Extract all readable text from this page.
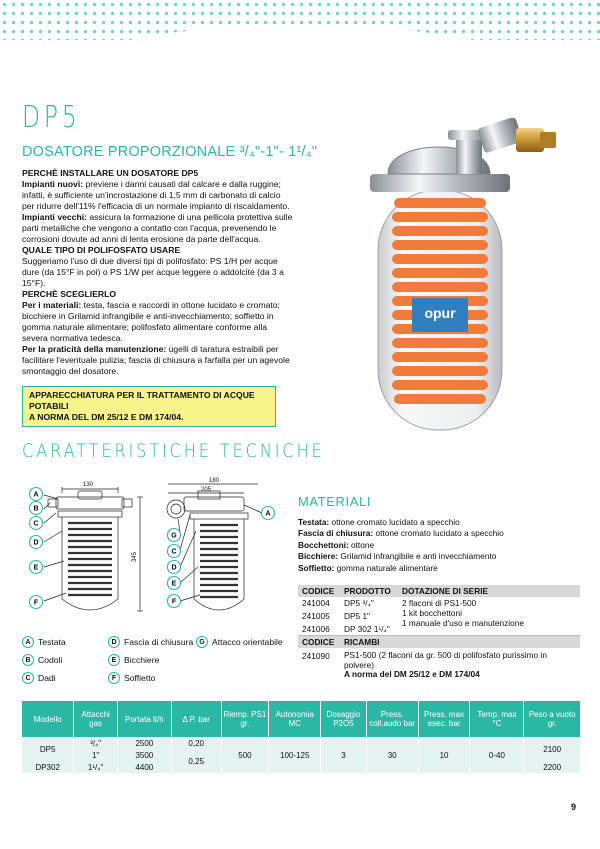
DP5
DOSATORE PROPORZIONALE ³/₄"-1"- 1¹/₄"
PERCHÈ INSTALLARE UN DOSATORE DP5

Impianti nuovi: previene i danni causati dal calcare e dalla ruggine; infatti, è sufficiente un'incrostazione di 1,5 mm di carbonato di calcio per ridurre dell'11% l'efficacia di un normale impianto di riscaldamento.

Impianti vecchi: assicura la formazione di una pellicola protettiva sulle parti metalliche che vengono a contatto con l'acqua, prevenendo le corrosioni dovute ad anni di lenta erosione da parte dell'acqua.

QUALE TIPO DI POLIFOSFATO USARE

Suggeriamo l'uso di due diversi tipi di polifosfato: PS 1/H per acque dure (da 15°F in poi) o PS 1/W per acque leggere o addolcite (da 3 a 15°F).

PERCHÈ SCEGLIERLO

Per i materiali: testa, fascia e raccordi in ottone lucidato e cromato; bicchiere in Grilamid infrangibile e anti-invecchiamento; soffietto in gomma naturale alimentare; polifosfato alimentare conforme alla severa normativa tedesca.

Per la praticità della manutenzione: ugelli di taratura estraibili per facilitare l'eventuale pulizia; fascia di chiusura a farfalla per un agevole smontaggio del dosatore.

APPARECCHIATURA PER IL TRATTAMENTO DI ACQUE POTABILI
A NORMA DEL DM 25/12 E DM 174/04.
opur
CARATTERISTICHE TECNICHE
130
180
205
345
A
B
C
D
E
F
A
G
C
D
E
F
A Testata
B Codoli
C Dadi
D Fascia di chiusura
E Bicchiere
F Soffietto
G Attacco orientabile
MATERIALI
Testata: ottone cromato lucidato a specchio
Fascia di chiusura: ottone cromato lucidato a specchio
Bocchettoni: ottone
Bicchiere: Grilamid infrangibile e anti invecchiamento
Soffietto: gomma naturale alimentare
CODICE PRODOTTO DOTAZIONE DI SERIE
241004 DP5 ³/₄"
241005 DP5 1"
241006 DP 302 1¹/₄"
2 flaconi di PS1-500
1 kit bocchettoni
1 manuale d'uso e manutenzione
CODICE RICAMBI
241090 PS1-500 (2 flaconi da gr. 500 di polifosfato purissimo in polvere)
A norma del DM 25/12 e DM 174/04
Modello	Attacchi gas	Portata lt/h	Δ P. bar	Riemp. PS1 gr.	Autonomia MC	Dosaggio P2O5	Press. coll.audo bar	Press. max esec. bar	Temp. max °C	Peso a vuoto gr.
DP5	³/₄"	2500	0,20	500	100-125	3	30	10	0-40	2100
	1"	3500	0,25							
DP302	1¹/₄"	4400								2200
9
